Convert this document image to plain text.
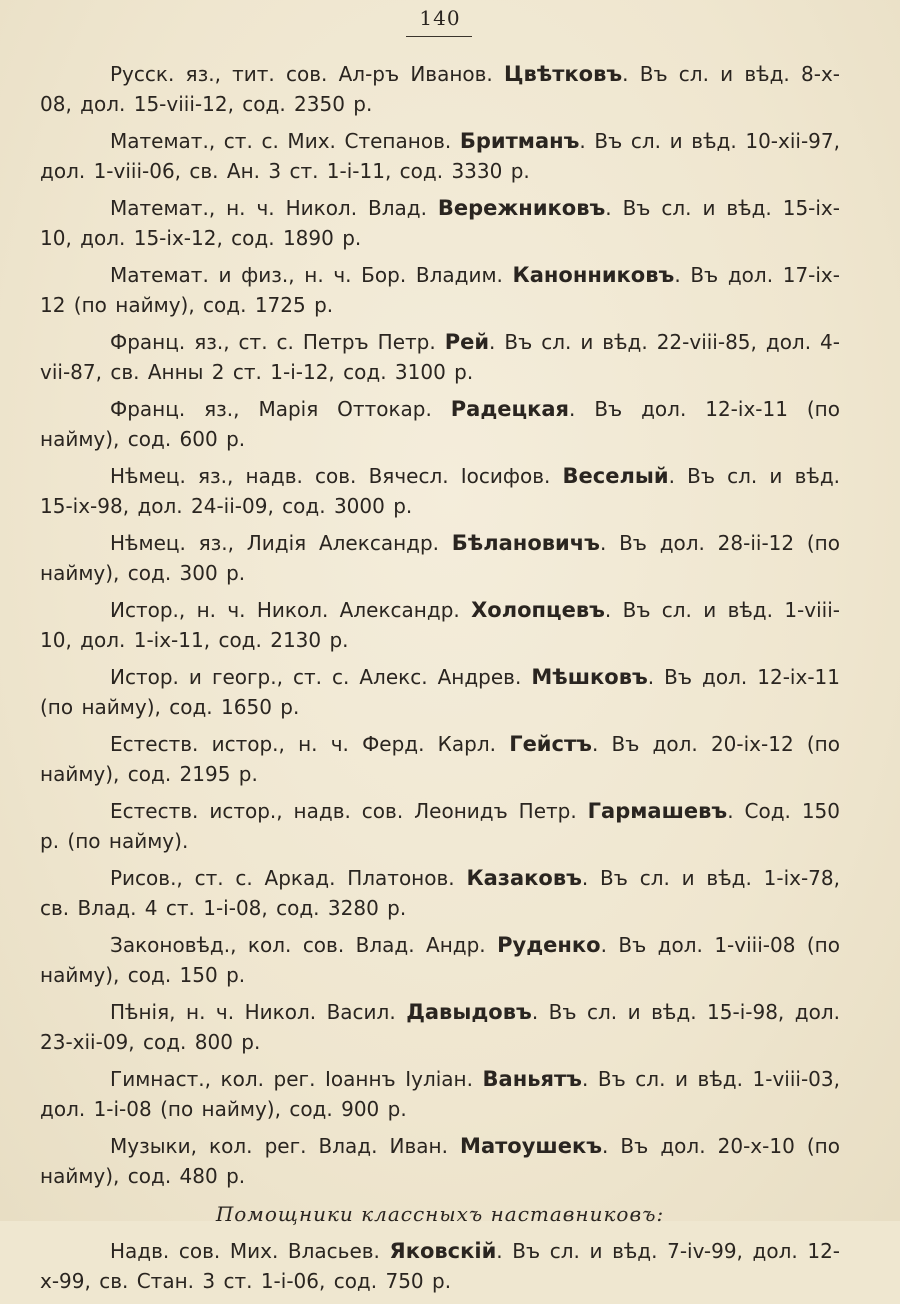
140

Русск. яз., тит. сов. Ал-ръ Иванов. Цвѣтковъ. Въ сл. и вѣд. 8-x-08, дол. 15-viii-12, сод. 2350 р.

Математ., ст. с. Мих. Степанов. Бритманъ. Въ сл. и вѣд. 10-xii-97, дол. 1-viii-06, св. Ан. 3 ст. 1-i-11, сод. 3330 р.

Математ., н. ч. Никол. Влад. Вережниковъ. Въ сл. и вѣд. 15-ix-10, дол. 15-ix-12, сод. 1890 р.

Математ. и физ., н. ч. Бор. Владим. Канонниковъ. Въ дол. 17-ix-12 (по найму), сод. 1725 р.

Франц. яз., ст. с. Петръ Петр. Рей. Въ сл. и вѣд. 22-viii-85, дол. 4-vii-87, св. Анны 2 ст. 1-i-12, сод. 3100 р.

Франц. яз., Марія Оттокар. Радецкая. Въ дол. 12-ix-11 (по найму), сод. 600 р.

Нѣмец. яз., надв. сов. Вячесл. Іосифов. Веселый. Въ сл. и вѣд. 15-ix-98, дол. 24-ii-09, сод. 3000 р.

Нѣмец. яз., Лидія Александр. Бѣлановичъ. Въ дол. 28-ii-12 (по найму), сод. 300 р.

Истор., н. ч. Никол. Александр. Холопцевъ. Въ сл. и вѣд. 1-viii-10, дол. 1-ix-11, сод. 2130 р.

Истор. и геогр., ст. с. Алекс. Андрев. Мѣшковъ. Въ дол. 12-ix-11 (по найму), сод. 1650 р.

Естеств. истор., н. ч. Ферд. Карл. Гейстъ. Въ дол. 20-ix-12 (по найму), сод. 2195 р.

Естеств. истор., надв. сов. Леонидъ Петр. Гармашевъ. Сод. 150 р. (по найму).

Рисов., ст. с. Аркад. Платонов. Казаковъ. Въ сл. и вѣд. 1-ix-78, св. Влад. 4 ст. 1-i-08, сод. 3280 р.

Законовѣд., кол. сов. Влад. Андр. Руденко. Въ дол. 1-viii-08 (по найму), сод. 150 р.

Пѣнія, н. ч. Никол. Васил. Давыдовъ. Въ сл. и вѣд. 15-i-98, дол. 23-xii-09, сод. 800 р.

Гимнаст., кол. рег. Іоаннъ Іуліан. Ваньятъ. Въ сл. и вѣд. 1-viii-03, дол. 1-i-08 (по найму), сод. 900 р.

Музыки, кол. рег. Влад. Иван. Матоушекъ. Въ дол. 20-x-10 (по найму), сод. 480 р.

Помощники классныхъ наставниковъ:

Надв. сов. Мих. Власьев. Яковскій. Въ сл. и вѣд. 7-iv-99, дол. 12-x-99, св. Стан. 3 ст. 1-i-06, сод. 750 р.
